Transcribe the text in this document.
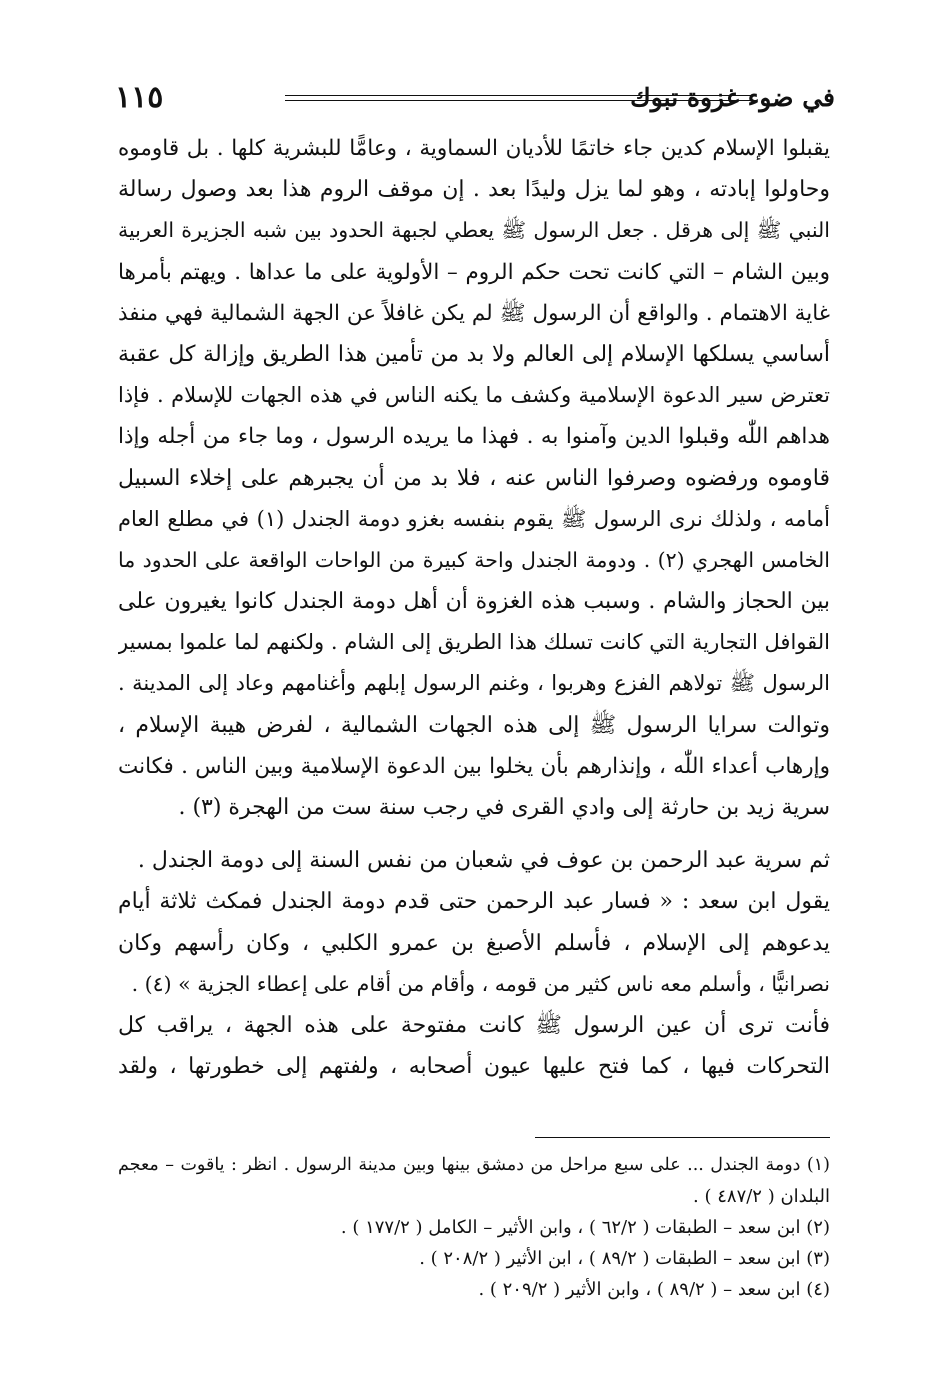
١١٥	في ضوء غزوة تبوك
يقبلوا الإسلام كدين جاء خاتمًا للأديان السماوية ، وعامًّا للبشرية كلها . بل قاوموه
وحاولوا إبادته ، وهو لما يزل وليدًا بعد . إن موقف الروم هذا بعد وصول رسالة
النبي ﷺ إلى هرقل . جعل الرسول ﷺ يعطي لجبهة الحدود بين شبه الجزيرة العربية
وبين الشام – التي كانت تحت حكم الروم – الأولوية على ما عداها . ويهتم بأمرها
غاية الاهتمام . والواقع أن الرسول ﷺ لم يكن غافلاً عن الجهة الشمالية فهي منفذ
أساسي يسلكها الإسلام إلى العالم ولا بد من تأمين هذا الطريق وإزالة كل عقبة
تعترض سير الدعوة الإسلامية وكشف ما يكنه الناس في هذه الجهات للإسلام . فإذا
هداهم اللّٰه وقبلوا الدين وآمنوا به . فهذا ما يريده الرسول ، وما جاء من أجله وإذا
قاوموه ورفضوه وصرفوا الناس عنه ، فلا بد من أن يجبرهم على إخلاء السبيل
أمامه ، ولذلك نرى الرسول ﷺ يقوم بنفسه بغزو دومة الجندل (١) في مطلع العام
الخامس الهجري (٢) . ودومة الجندل واحة كبيرة من الواحات الواقعة على الحدود ما
بين الحجاز والشام . وسبب هذه الغزوة أن أهل دومة الجندل كانوا يغيرون على
القوافل التجارية التي كانت تسلك هذا الطريق إلى الشام . ولكنهم لما علموا بمسير
الرسول ﷺ تولاهم الفزع وهربوا ، وغنم الرسول إبلهم وأغنامهم وعاد إلى المدينة .
وتوالت سرايا الرسول ﷺ إلى هذه الجهات الشمالية ، لفرض هيبة الإسلام ،
وإرهاب أعداء اللّٰه ، وإنذارهم بأن يخلوا بين الدعوة الإسلامية وبين الناس . فكانت
سرية زيد بن حارثة إلى وادي القرى في رجب سنة ست من الهجرة (٣) .
ثم سرية عبد الرحمن بن عوف في شعبان من نفس السنة إلى دومة الجندل .
يقول ابن سعد : « فسار عبد الرحمن حتى قدم دومة الجندل فمكث ثلاثة أيام
يدعوهم إلى الإسلام ، فأسلم الأصبغ بن عمرو الكلبي ، وكان رأسهم وكان
نصرانيًّا ، وأسلم معه ناس كثير من قومه ، وأقام من أقام على إعطاء الجزية » (٤) .
فأنت ترى أن عين الرسول ﷺ كانت مفتوحة على هذه الجهة ، يراقب كل
التحركات فيها ، كما فتح عليها عيون أصحابه ، ولفتهم إلى خطورتها ، ولقد
(١) دومة الجندل ... على سبع مراحل من دمشق بينها وبين مدينة الرسول . انظر : ياقوت – معجم
البلدان ( ٤٨٧/٢ ) .
(٢) ابن سعد – الطبقات ( ٦٢/٢ ) ، وابن الأثير – الكامل ( ١٧٧/٢ ) .
(٣) ابن سعد – الطبقات ( ٨٩/٢ ) ، ابن الأثير ( ٢٠٨/٢ ) .
(٤) ابن سعد – ( ٨٩/٢ ) ، وابن الأثير ( ٢٠٩/٢ ) .
